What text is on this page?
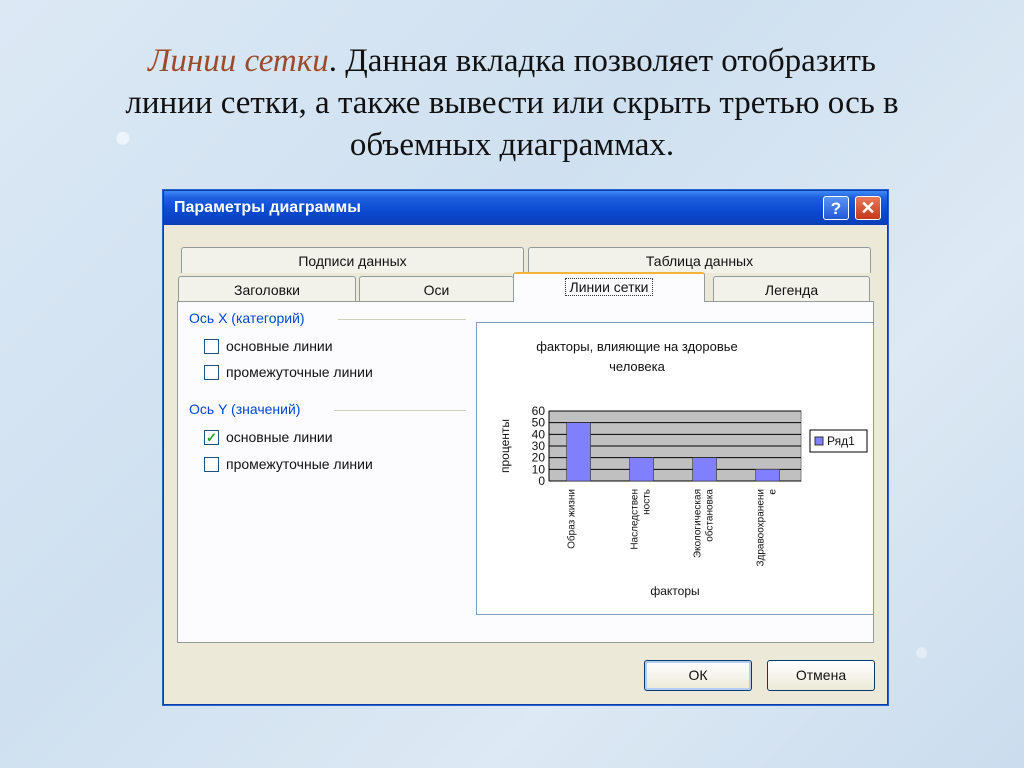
Линии сетки. Данная вкладка позволяет отобразить
линии сетки, а также вывести или скрыть третью ось в
объемных диаграммах.
Параметры диаграммы	?	✕
Подписи данных	Таблица данных
Заголовки	Оси	Легенда
Ось X (категорий)
основные линии
промежуточные линии
Ось Y (значений)
✓ основные линии
промежуточные линии
факторы, влияющие на здоровье
человека
0
10
20
30
40
50
60
проценты
Образ жизни	Наследствен ность	Экологическая обстановка	Здравоохранени е
факторы
Ряд1
Линии сетки
ОК	Отмена
